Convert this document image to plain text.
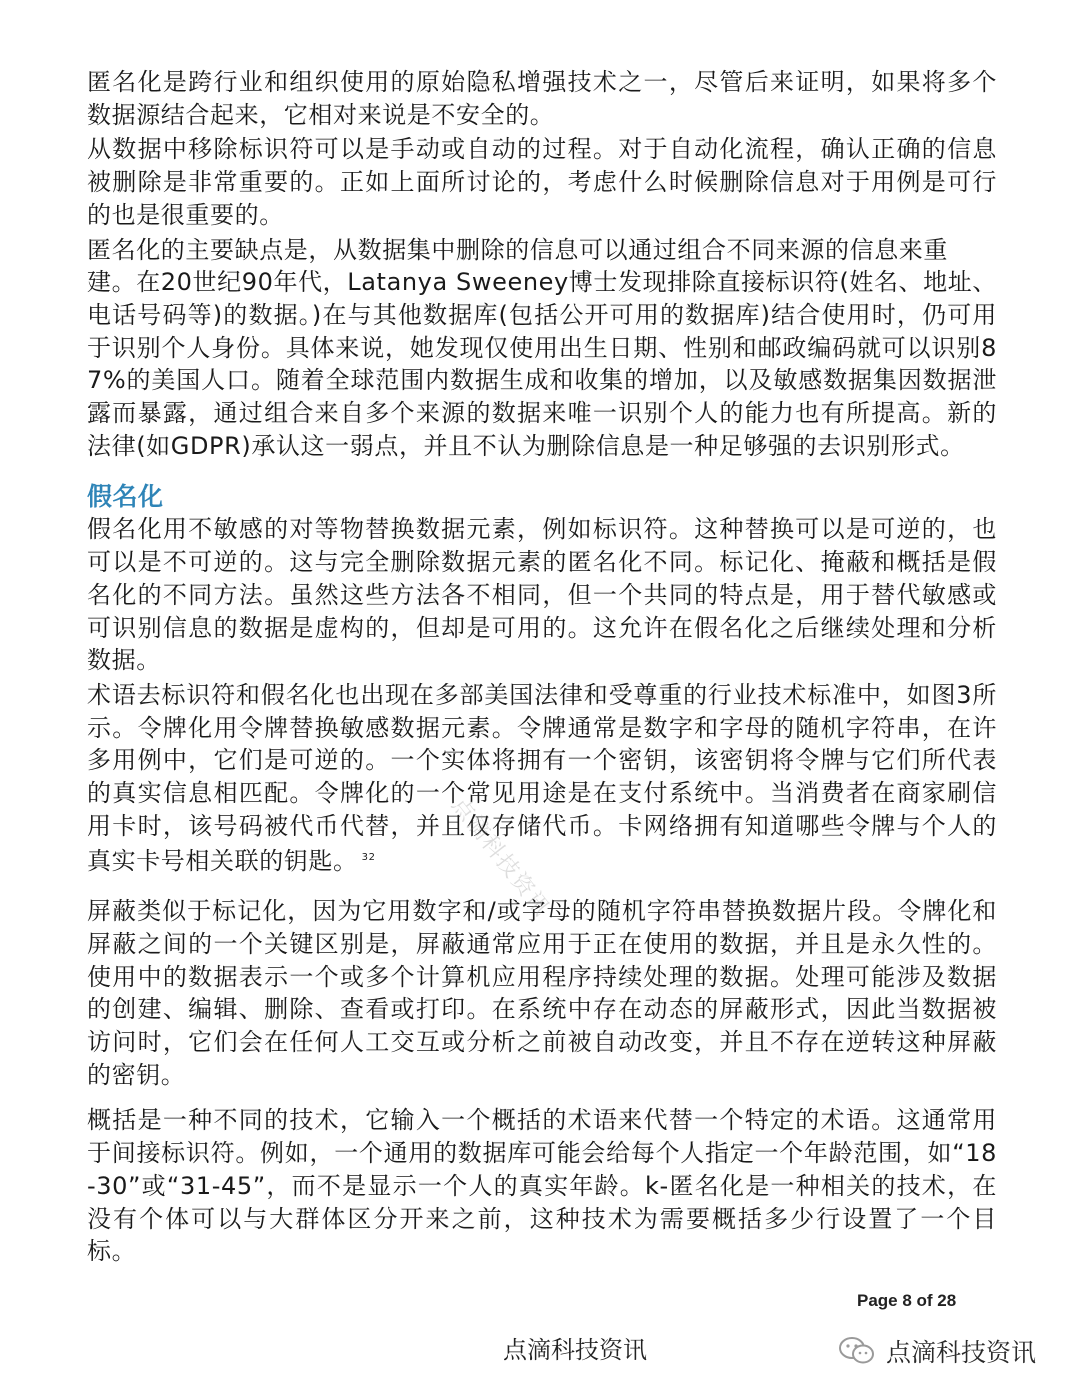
匿名化是跨行业和组织使用的原始隐私增强技术之一，尽管后来证明，如果将多个数据源结合起来，它相对来说是不安全的。

从数据中移除标识符可以是手动或自动的过程。对于自动化流程，确认正确的信息被删除是非常重要的。正如上面所讨论的，考虑什么时候删除信息对于用例是可行的也是很重要的。

匿名化的主要缺点是，从数据集中删除的信息可以通过组合不同来源的信息来重建。在20世纪90年代，Latanya Sweeney博士发现排除直接标识符(姓名、地址、

电话号码等)的数据。)在与其他数据库(包括公开可用的数据库)结合使用时，仍可用于识别个人身份。具体来说，她发现仅使用出生日期、性别和邮政编码就可以识别87%的美国人口。随着全球范围内数据生成和收集的增加，以及敏感数据集因数据泄露而暴露，通过组合来自多个来源的数据来唯一识别个人的能力也有所提高。新的法律(如GDPR)承认这一弱点，并且不认为删除信息是一种足够强的去识别形式。

假名化

假名化用不敏感的对等物替换数据元素，例如标识符。这种替换可以是可逆的，也可以是不可逆的。这与完全删除数据元素的匿名化不同。标记化、掩蔽和概括是假名化的不同方法。虽然这些方法各不相同，但一个共同的特点是，用于替代敏感或可识别信息的数据是虚构的，但却是可用的。这允许在假名化之后继续处理和分析数据。

术语去标识符和假名化也出现在多部美国法律和受尊重的行业技术标准中，如图3所示。令牌化用令牌替换敏感数据元素。令牌通常是数字和字母的随机字符串，在许多用例中，它们是可逆的。一个实体将拥有一个密钥，该密钥将令牌与它们所代表的真实信息相匹配。令牌化的一个常见用途是在支付系统中。当消费者在商家刷信用卡时，该号码被代币代替，并且仅存储代币。卡网络拥有知道哪些令牌与个人的真实卡号相关联的钥匙。 $^{32}$

屏蔽类似于标记化，因为它用数字和/或字母的随机字符串替换数据片段。令牌化和屏蔽之间的一个关键区别是，屏蔽通常应用于正在使用的数据，并且是永久性的。使用中的数据表示一个或多个计算机应用程序持续处理的数据。处理可能涉及数据的创建、编辑、删除、查看或打印。在系统中存在动态的屏蔽形式，因此当数据被访问时，它们会在任何人工交互或分析之前被自动改变，并且不存在逆转这种屏蔽的密钥。

概括是一种不同的技术，它输入一个概括的术语来代替一个特定的术语。这通常用于间接标识符。例如，一个通用的数据库可能会给每个人指定一个年龄范围，如“18-30”或“31-45”，而不是显示一个人的真实年龄。k-匿名化是一种相关的技术，在没有个体可以与大群体区分开来之前，这种技术为需要概括多少行设置了一个目标。

点滴科技资讯
Page 8 of 28
点滴科技资讯	点滴科技资讯
